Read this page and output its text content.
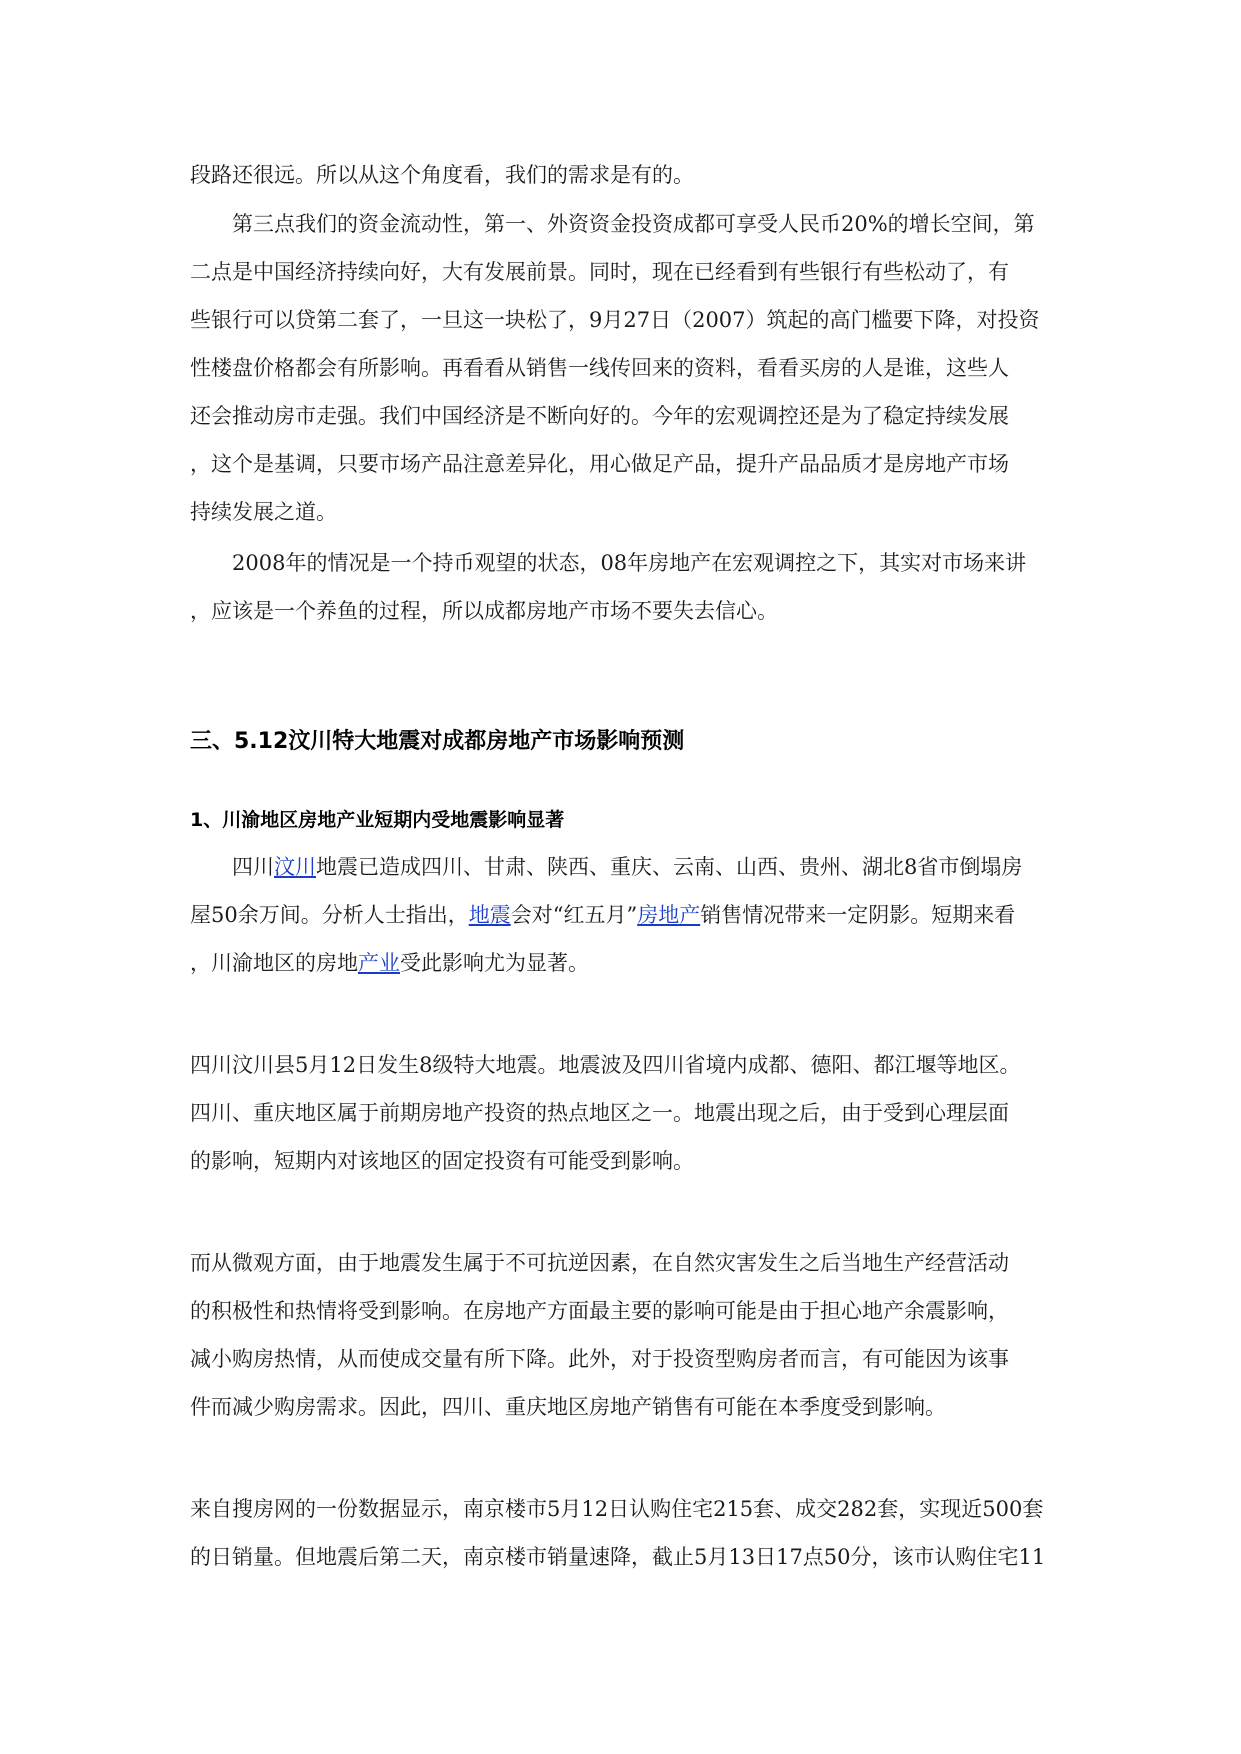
段路还很远。所以从这个角度看，我们的需求是有的。
第三点我们的资金流动性，第一、外资资金投资成都可享受人民币20%的增长空间，第
二点是中国经济持续向好，大有发展前景。同时，现在已经看到有些银行有些松动了，有
些银行可以贷第二套了，一旦这一块松了，9月27日（2007）筑起的高门槛要下降，对投资
性楼盘价格都会有所影响。再看看从销售一线传回来的资料，看看买房的人是谁，这些人
还会推动房市走强。我们中国经济是不断向好的。今年的宏观调控还是为了稳定持续发展
，这个是基调，只要市场产品注意差异化，用心做足产品，提升产品品质才是房地产市场
持续发展之道。
2008年的情况是一个持币观望的状态，08年房地产在宏观调控之下，其实对市场来讲
，应该是一个养鱼的过程，所以成都房地产市场不要失去信心。
三、5.12汶川特大地震对成都房地产市场影响预测
1、川渝地区房地产业短期内受地震影响显著
四川汶川地震已造成四川、甘肃、陕西、重庆、云南、山西、贵州、湖北8省市倒塌房
屋50余万间。分析人士指出，地震会对“红五月”房地产销售情况带来一定阴影。短期来看
，川渝地区的房地产业受此影响尤为显著。
四川汶川县5月12日发生8级特大地震。地震波及四川省境内成都、德阳、都江堰等地区。
四川、重庆地区属于前期房地产投资的热点地区之一。地震出现之后，由于受到心理层面
的影响，短期内对该地区的固定投资有可能受到影响。
而从微观方面，由于地震发生属于不可抗逆因素，在自然灾害发生之后当地生产经营活动
的积极性和热情将受到影响。在房地产方面最主要的影响可能是由于担心地产余震影响，
减小购房热情，从而使成交量有所下降。此外，对于投资型购房者而言，有可能因为该事
件而减少购房需求。因此，四川、重庆地区房地产销售有可能在本季度受到影响。
来自搜房网的一份数据显示，南京楼市5月12日认购住宅215套、成交282套，实现近500套
的日销量。但地震后第二天，南京楼市销量速降，截止5月13日17点50分，该市认购住宅11
